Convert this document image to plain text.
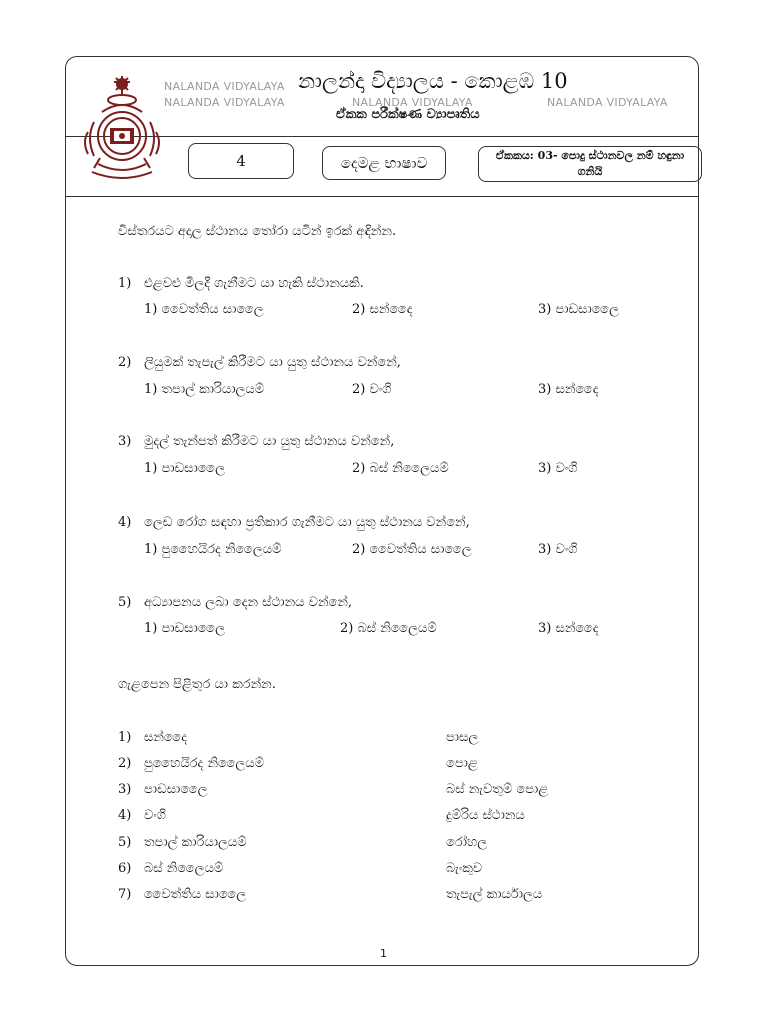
NALANDA VIDYALAYA
NALANDA VIDYALAYA	NALANDA VIDYALAYA	NALANDA VIDYALAYA
නාලන්දා විද්‍යාලය - කොළඹ 10
ඒකක පරීක්ෂණ ව්‍යාපෘතිය
4	දෙමළ භාෂාව	ඒකකය: 03- පොදු ස්ථානවල නම් හඳුනා ගනියි
විස්තරයට අදාල ස්ථානය තෝරා යටින් ඉරක් අඳින්න.
1) එළවළු මිලදී ගැනීමට යා හැකි ස්ථානයකි.
1) වෛත්තිය සාලෛ	2) සන්දෛ	3) පාඩසාලෛ
2) ලියුමක් තැපැල් කිරීමට යා යුතු ස්ථානය වන්නේ,
1) තපාල් කාරියාලයම්	2) වංගි	3) සන්දෛ
3) මුදල් තැන්පත් කිරීමට යා යුතු ස්ථානය වන්නේ,
1) පාඩසාලෛ	2) බස් නිලෛයම්	3) වංගි
4) ලෙඩ රෝග සඳහා ප්‍රතිකාර ගැනීමට යා යුතු ස්ථානය වන්නේ,
1) පුහෛයිරද නිලෛයම්	2) වෛත්තිය සාලෛ	3) වංගි
5) අධ්‍යාපනය ලබා දෙන ස්ථානය වන්නේ,
1) පාඩසාලෛ	2) බස් නිලෛයම්	3) සන්දෛ
ගැළපෙන පිළිතුර යා කරන්න.
1) සන්දෛ	පාසල
2) පුහෛයිරද නිලෛයම්	පොළ
3) පාඩසාලෛ	බස් නැවතුම් පොළ
4) වංගි	දුම්රිය ස්ථානය
5) තපාල් කාරියාලයම්	රෝහල
6) බස් නිලෛයම්	බැංකුව
7) වෛත්තිය සාලෛ	තැපැල් කාර්යාලය
1
